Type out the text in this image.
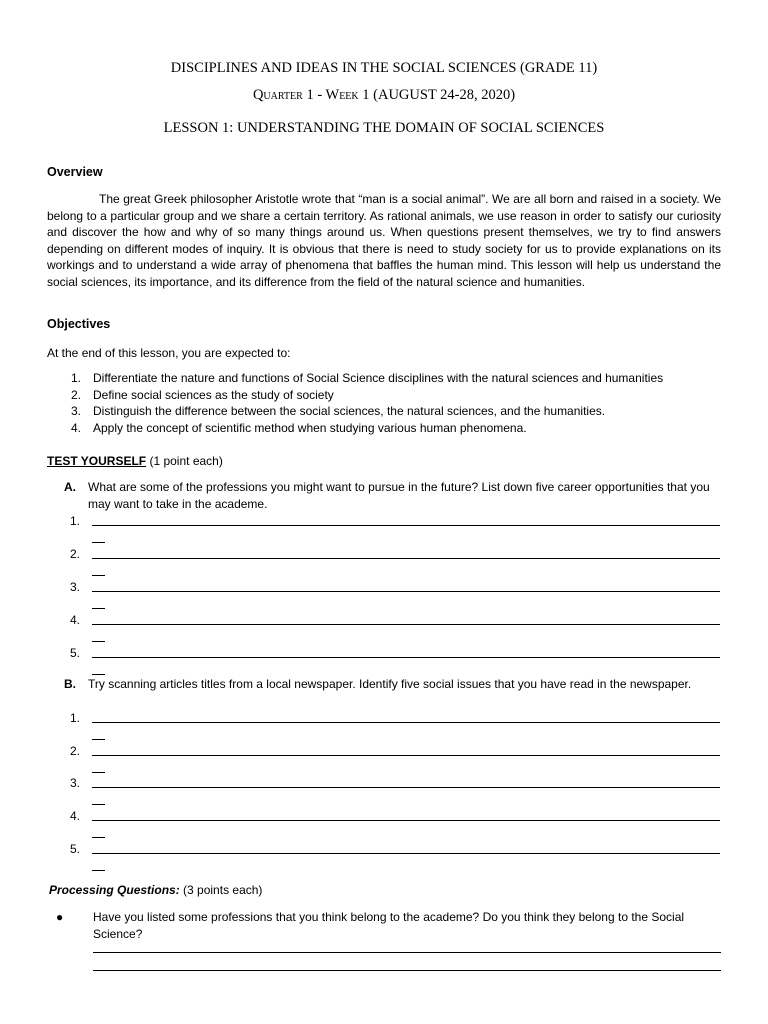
DISCIPLINES AND IDEAS IN THE SOCIAL SCIENCES (GRADE 11)
Quarter 1 - Week 1 (AUGUST 24-28, 2020)
LESSON 1: UNDERSTANDING THE DOMAIN OF SOCIAL SCIENCES
Overview
The great Greek philosopher Aristotle wrote that “man is a social animal”. We are all born and raised in a society. We belong to a particular group and we share a certain territory. As rational animals, we use reason in order to satisfy our curiosity and discover the how and why of so many things around us. When questions present themselves, we try to find answers depending on different modes of inquiry. It is obvious that there is need to study society for us to provide explanations on its workings and to understand a wide array of phenomena that baffles the human mind. This lesson will help us understand the social sciences, its importance, and its difference from the field of the natural science and humanities.
Objectives
At the end of this lesson, you are expected to:
1. Differentiate the nature and functions of Social Science disciplines with the natural sciences and humanities
2. Define social sciences as the study of society
3. Distinguish the difference between the social sciences, the natural sciences, and the humanities.
4. Apply the concept of scientific method when studying various human phenomena.
TEST YOURSELF (1 point each)
A. What are some of the professions you might want to pursue in the future? List down five career opportunities that you may want to take in the academe.
1.
2.
3.
4.
5.
B. Try scanning articles titles from a local newspaper. Identify five social issues that you have read in the newspaper.
1.
2.
3.
4.
5.
Processing Questions: (3 points each)
● Have you listed some professions that you think belong to the academe? Do you think they belong to the Social Science?
